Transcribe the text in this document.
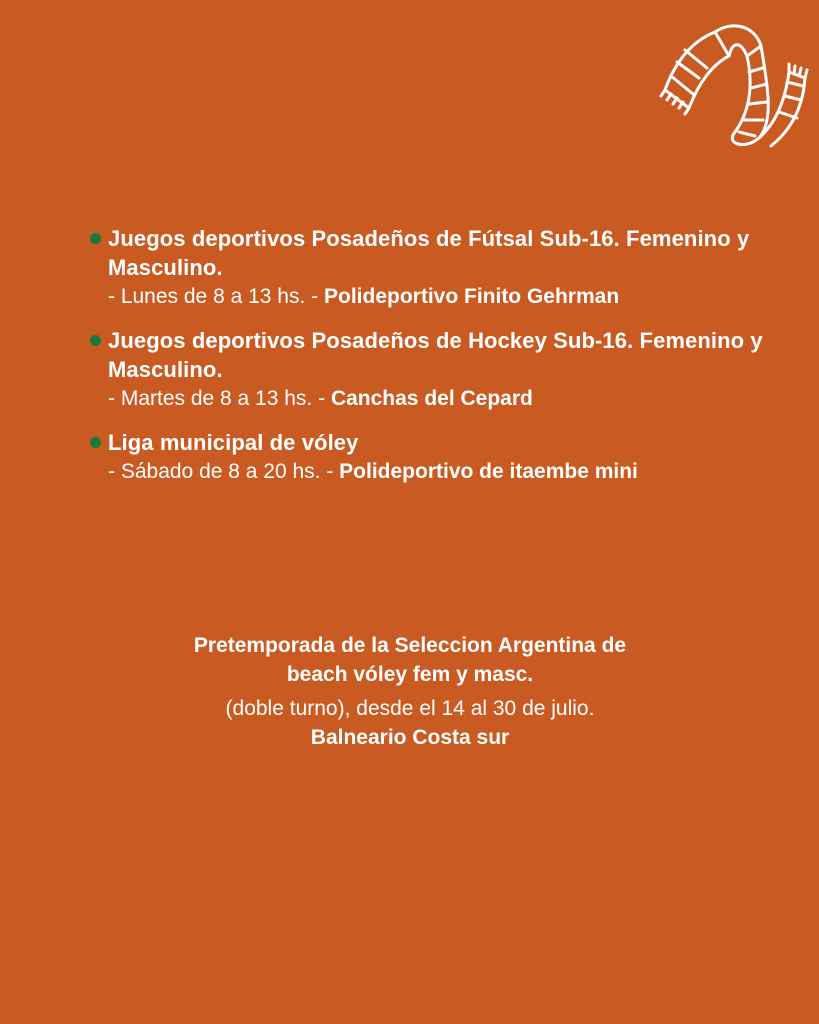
Juegos deportivos Posadeños de Fútsal Sub-16. Femenino y Masculino.
- Lunes de 8 a 13 hs. - Polideportivo Finito Gehrman
Juegos deportivos Posadeños de Hockey Sub-16. Femenino y Masculino.
- Martes de 8 a 13 hs. - Canchas del Cepard
Liga municipal de vóley
- Sábado de 8 a 20 hs. - Polideportivo de itaembe mini
Pretemporada de la Seleccion Argentina de
beach vóley fem y masc.
(doble turno), desde el 14 al 30 de julio.
Balneario Costa sur
